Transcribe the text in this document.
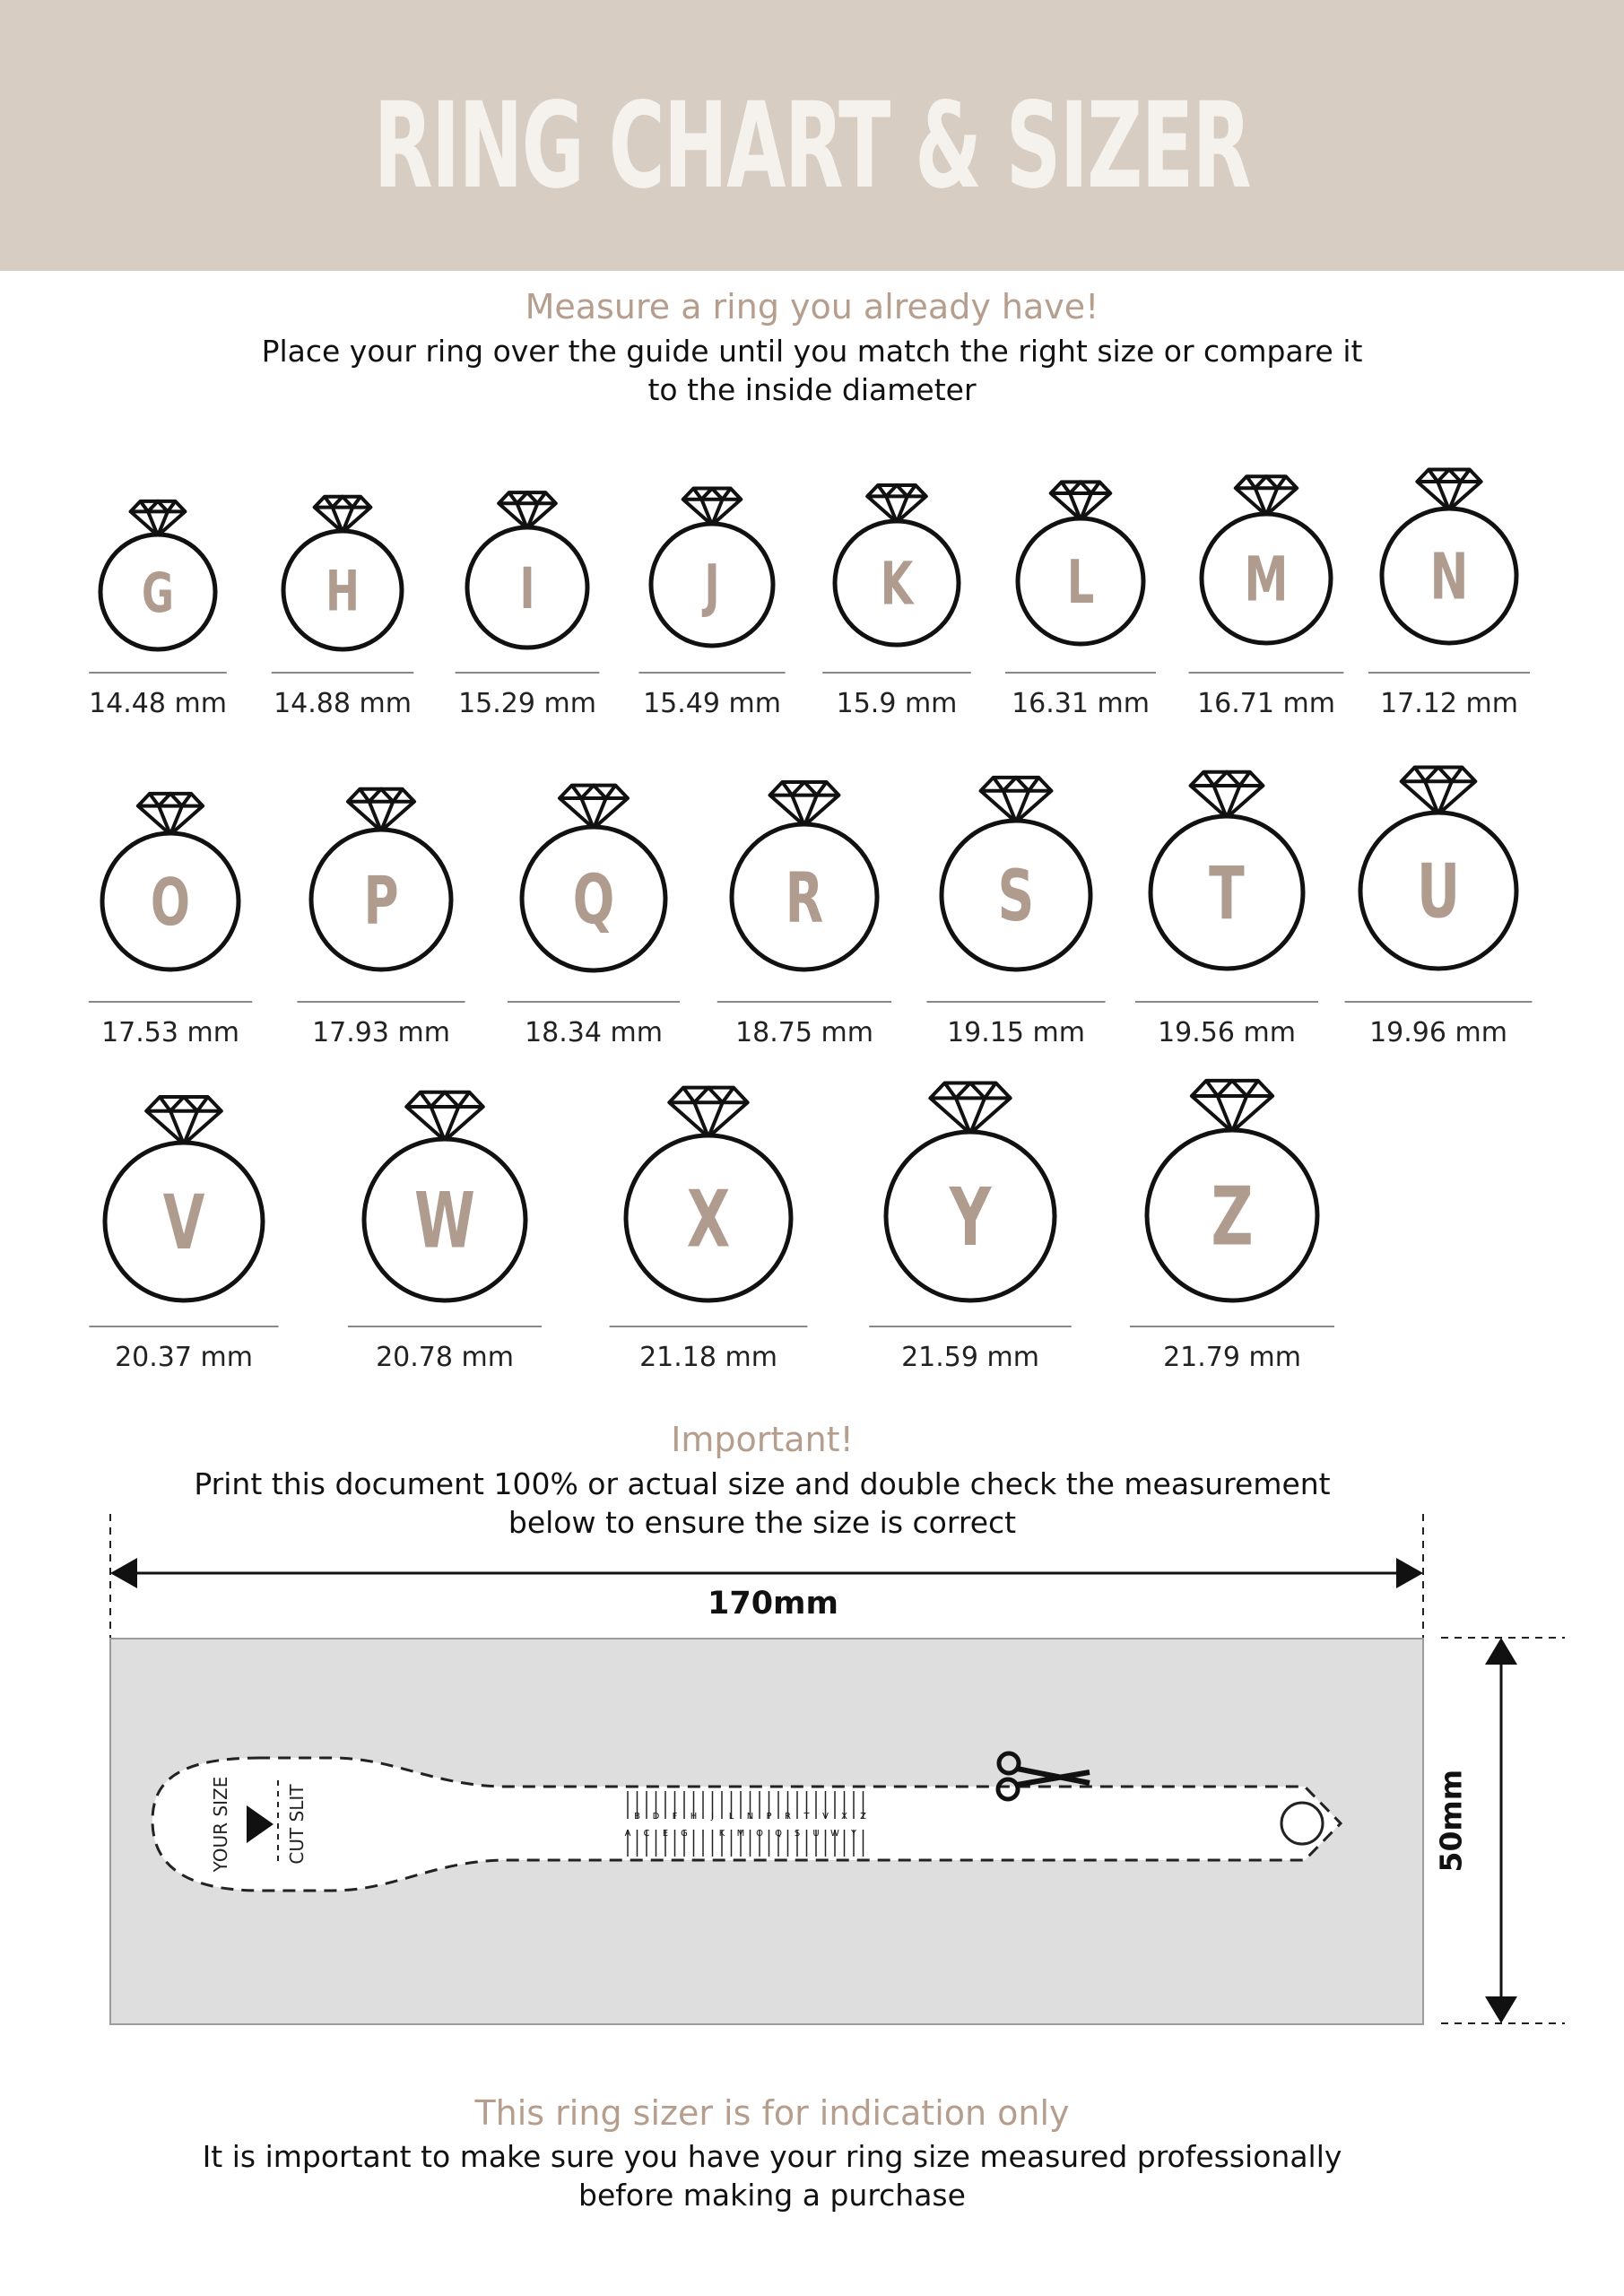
RING CHART & SIZER
Measure a ring you already have!
Place your ring over the guide until you match the right size or compare it
to the inside diameter
G
14.48 mm
H
14.88 mm
I
15.29 mm
J
15.49 mm
K
15.9 mm
L
16.31 mm
M
16.71 mm
N
17.12 mm
O
17.53 mm
P
17.93 mm
Q
18.34 mm
R
18.75 mm
S
19.15 mm
T
19.56 mm
U
19.96 mm
V
20.37 mm
W
20.78 mm
X
21.18 mm
Y
21.59 mm
Z
21.79 mm
YOUR SIZE	CUT SLIT	B D F H J L N P R T V X Z
A C E G I K M O Q S U W Y
Important!
Print this document 100% or actual size and double check the measurement
below to ensure the size is correct
170mm
50mm
This ring sizer is for indication only
It is important to make sure you have your ring size measured professionally
before making a purchase
